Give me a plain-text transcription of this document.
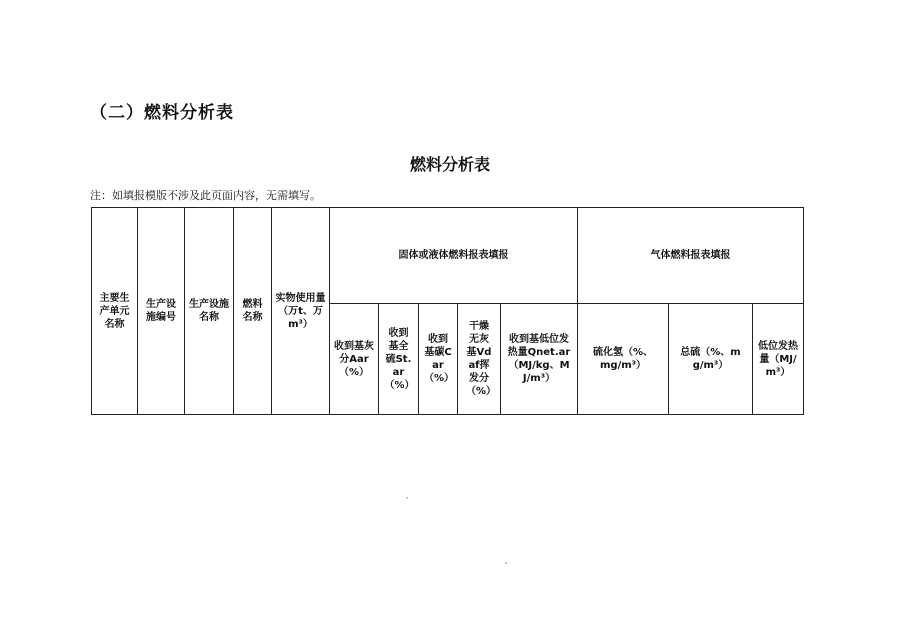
（二）燃料分析表
燃料分析表
注：如填报模版不涉及此页面内容，无需填写。
主要生产单元名称	生产设施编号	生产设施名称	燃料名称	实物使用量（万t、万m³）	固体或液体燃料报表填报					气体燃料报表填报		
					收到基灰分Aar（%）	收到基全硫St.ar（%）	收到基碳Car（%）	干燥无灰基Vdaf挥发分（%）	收到基低位发热量Qnet.ar（MJ/kg、MJ/m³）	硫化氢（%、mg/m³）	总硫（%、mg/m³）	低位发热量（MJ/m³）
